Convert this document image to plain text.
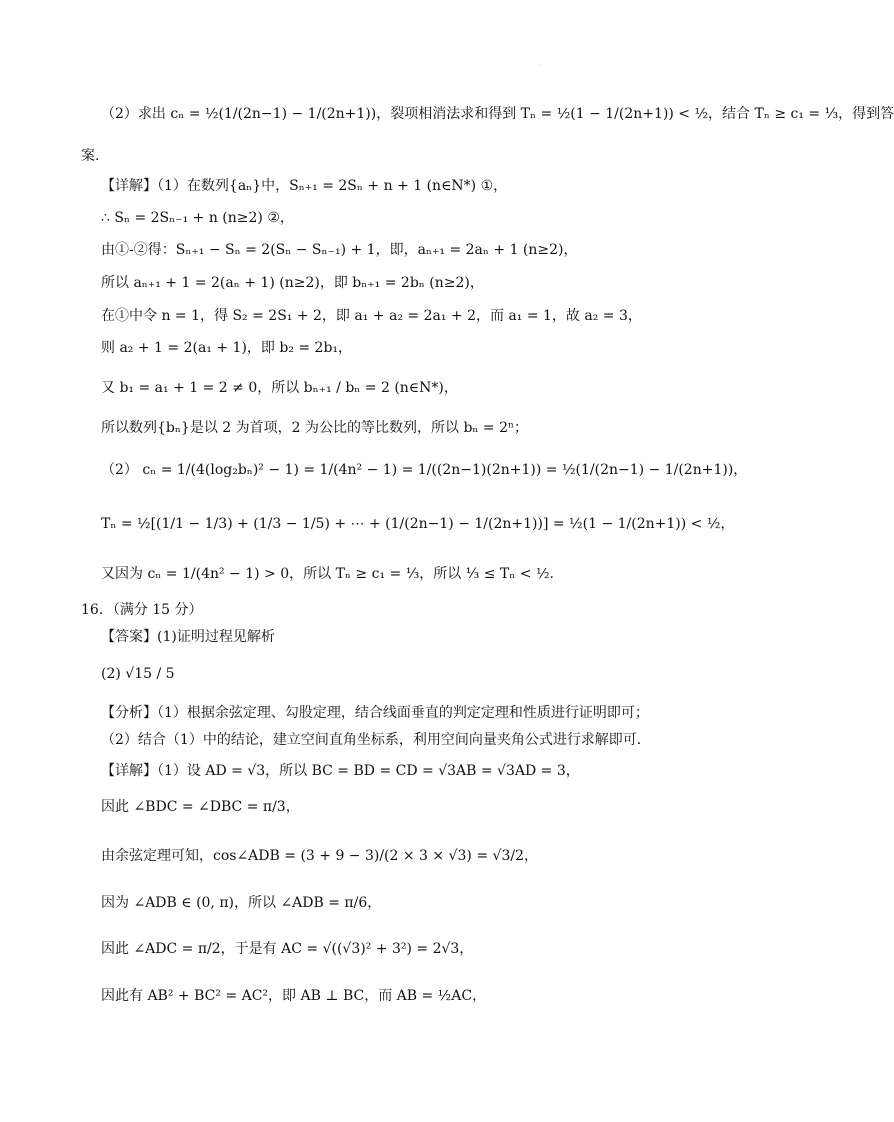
·
（2）求出 cₙ = ½(1/(2n−1) − 1/(2n+1))，裂项相消法求和得到 Tₙ = ½(1 − 1/(2n+1)) < ½，结合 Tₙ ≥ c₁ = ⅓，得到答
案.
【详解】（1）在数列{aₙ}中，Sₙ₊₁ = 2Sₙ + n + 1 (n∈N*) ①，
∴ Sₙ = 2Sₙ₋₁ + n (n≥2) ②，
由①-②得：Sₙ₊₁ − Sₙ = 2(Sₙ − Sₙ₋₁) + 1，即，aₙ₊₁ = 2aₙ + 1 (n≥2)，
所以 aₙ₊₁ + 1 = 2(aₙ + 1) (n≥2)，即 bₙ₊₁ = 2bₙ (n≥2)，
在①中令 n = 1，得 S₂ = 2S₁ + 2，即 a₁ + a₂ = 2a₁ + 2，而 a₁ = 1，故 a₂ = 3，
则 a₂ + 1 = 2(a₁ + 1)，即 b₂ = 2b₁，
又 b₁ = a₁ + 1 = 2 ≠ 0，所以 bₙ₊₁ / bₙ = 2 (n∈N*)，
所以数列{bₙ}是以 2 为首项，2 为公比的等比数列，所以 bₙ = 2ⁿ；
（2） cₙ = 1/(4(log₂bₙ)² − 1) = 1/(4n² − 1) = 1/((2n−1)(2n+1)) = ½(1/(2n−1) − 1/(2n+1))，
Tₙ = ½[(1/1 − 1/3) + (1/3 − 1/5) + ⋯ + (1/(2n−1) − 1/(2n+1))] = ½(1 − 1/(2n+1)) < ½，
又因为 cₙ = 1/(4n² − 1) > 0，所以 Tₙ ≥ c₁ = ⅓，所以 ⅓ ≤ Tₙ < ½.
16．（满分 15 分）
【答案】(1)证明过程见解析
(2) √15 / 5
【分析】（1）根据余弦定理、勾股定理，结合线面垂直的判定定理和性质进行证明即可；
（2）结合（1）中的结论，建立空间直角坐标系，利用空间向量夹角公式进行求解即可.
【详解】（1）设 AD = √3，所以 BC = BD = CD = √3AB = √3AD = 3，
因此 ∠BDC = ∠DBC = π/3，
由余弦定理可知，cos∠ADB = (3 + 9 − 3)/(2 × 3 × √3) = √3/2，
因为 ∠ADB ∈ (0, π)，所以 ∠ADB = π/6，
因此 ∠ADC = π/2，于是有 AC = √((√3)² + 3²) = 2√3，
因此有 AB² + BC² = AC²，即 AB ⊥ BC，而 AB = ½AC，
